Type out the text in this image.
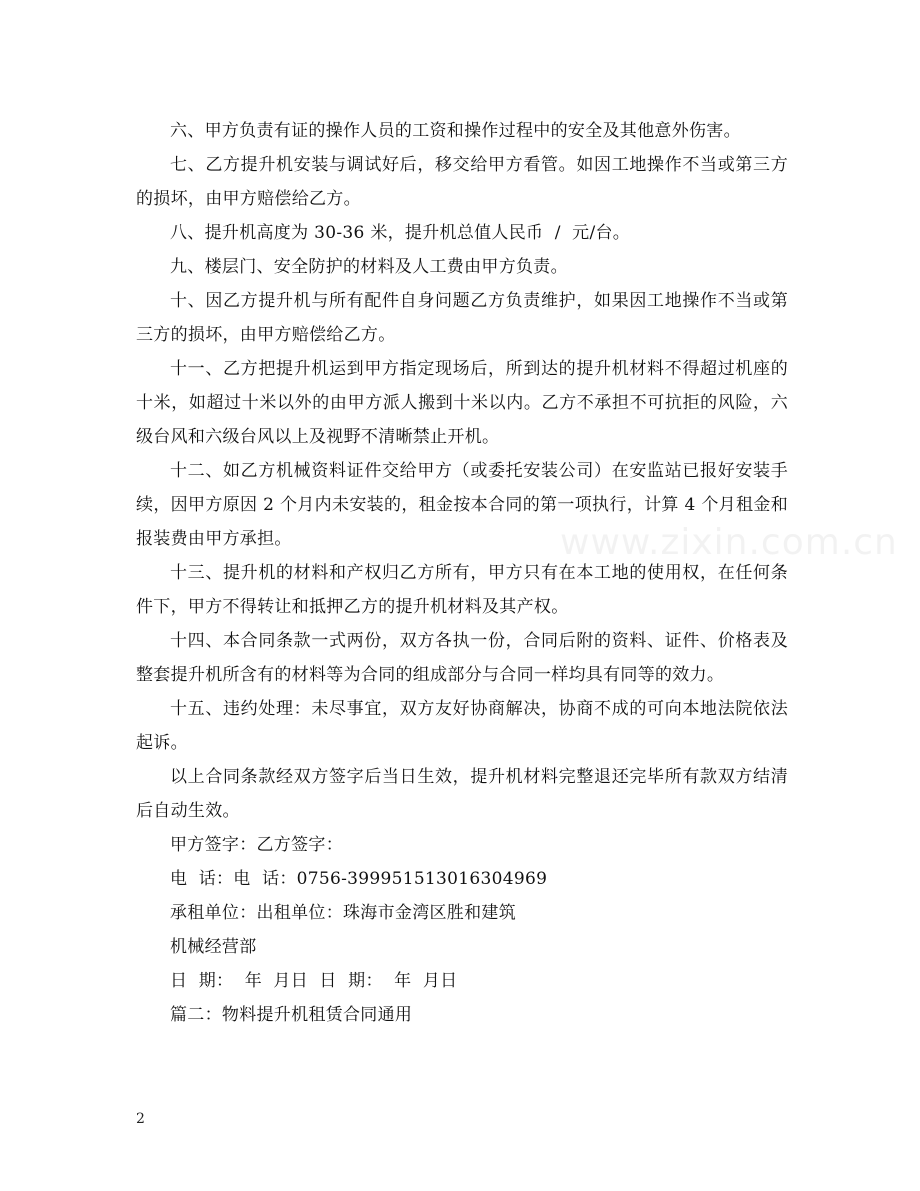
www.zixin.com.cn

六、甲方负责有证的操作人员的工资和操作过程中的安全及其他意外伤害。

七、乙方提升机安装与调试好后，移交给甲方看管。如因工地操作不当或第三方的损坏，由甲方赔偿给乙方。

八、提升机高度为 30-36 米，提升机总值人民币  /  元/台。

九、楼层门、安全防护的材料及人工费由甲方负责。

十、因乙方提升机与所有配件自身问题乙方负责维护，如果因工地操作不当或第三方的损坏，由甲方赔偿给乙方。

十一、乙方把提升机运到甲方指定现场后，所到达的提升机材料不得超过机座的十米，如超过十米以外的由甲方派人搬到十米以内。乙方不承担不可抗拒的风险，六级台风和六级台风以上及视野不清晰禁止开机。

十二、如乙方机械资料证件交给甲方（或委托安装公司）在安监站已报好安装手续，因甲方原因 2 个月内未安装的，租金按本合同的第一项执行，计算 4 个月租金和报装费由甲方承担。

十三、提升机的材料和产权归乙方所有，甲方只有在本工地的使用权，在任何条件下，甲方不得转让和抵押乙方的提升机材料及其产权。

十四、本合同条款一式两份，双方各执一份，合同后附的资料、证件、价格表及整套提升机所含有的材料等为合同的组成部分与合同一样均具有同等的效力。

十五、违约处理：未尽事宜，双方友好协商解决，协商不成的可向本地法院依法起诉。

以上合同条款经双方签字后当日生效，提升机材料完整退还完毕所有款双方结清后自动生效。

甲方签字：乙方签字：

电  话：电  话：0756-399951513016304969

承租单位：出租单位：珠海市金湾区胜和建筑

机械经营部

日  期：  年  月日  日  期：  年  月日

篇二：物料提升机租赁合同通用

2
